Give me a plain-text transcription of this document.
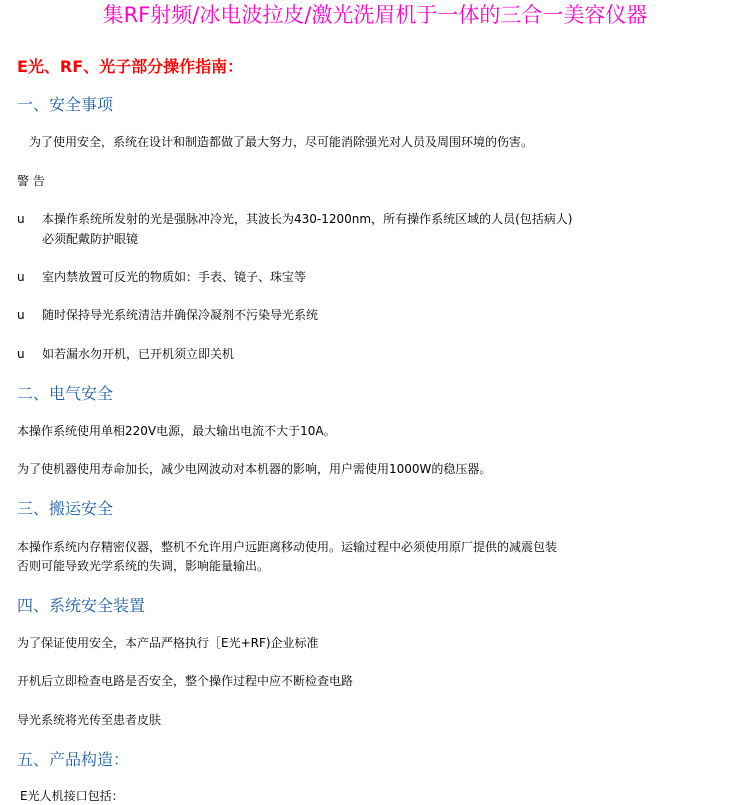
集RF射频/冰电波拉皮/激光洗眉机于一体的三合一美容仪器
E光、RF、光子部分操作指南：
一、安全事项
为了使用安全，系统在设计和制造都做了最大努力，尽可能消除强光对人员及周围环境的伤害。
警 告
u 本操作系统所发射的光是强脉冲冷光，其波长为430-1200nm，所有操作系统区域的人员(包括病人)
必须配戴防护眼镜
u 室内禁放置可反光的物质如：手表、镜子、珠宝等
u 随时保持导光系统清洁并确保冷凝剂不污染导光系统
u 如若漏水勿开机，已开机须立即关机
二、电气安全
本操作系统使用单相220V电源，最大输出电流不大于10A。
为了使机器使用寿命加长，减少电网波动对本机器的影响，用户需使用1000W的稳压器。
三、搬运安全
本操作系统内存精密仪器，整机不允许用户远距离移动使用。运输过程中必须使用原厂提供的减震包装
否则可能导致光学系统的失调，影响能量输出。
四、系统安全装置
为了保证使用安全，本产品严格执行［E光+RF)企业标准
开机后立即检查电路是否安全，整个操作过程中应不断检查电路
导光系统将光传至患者皮肤
五、产品构造：
E光人机接口包括：
